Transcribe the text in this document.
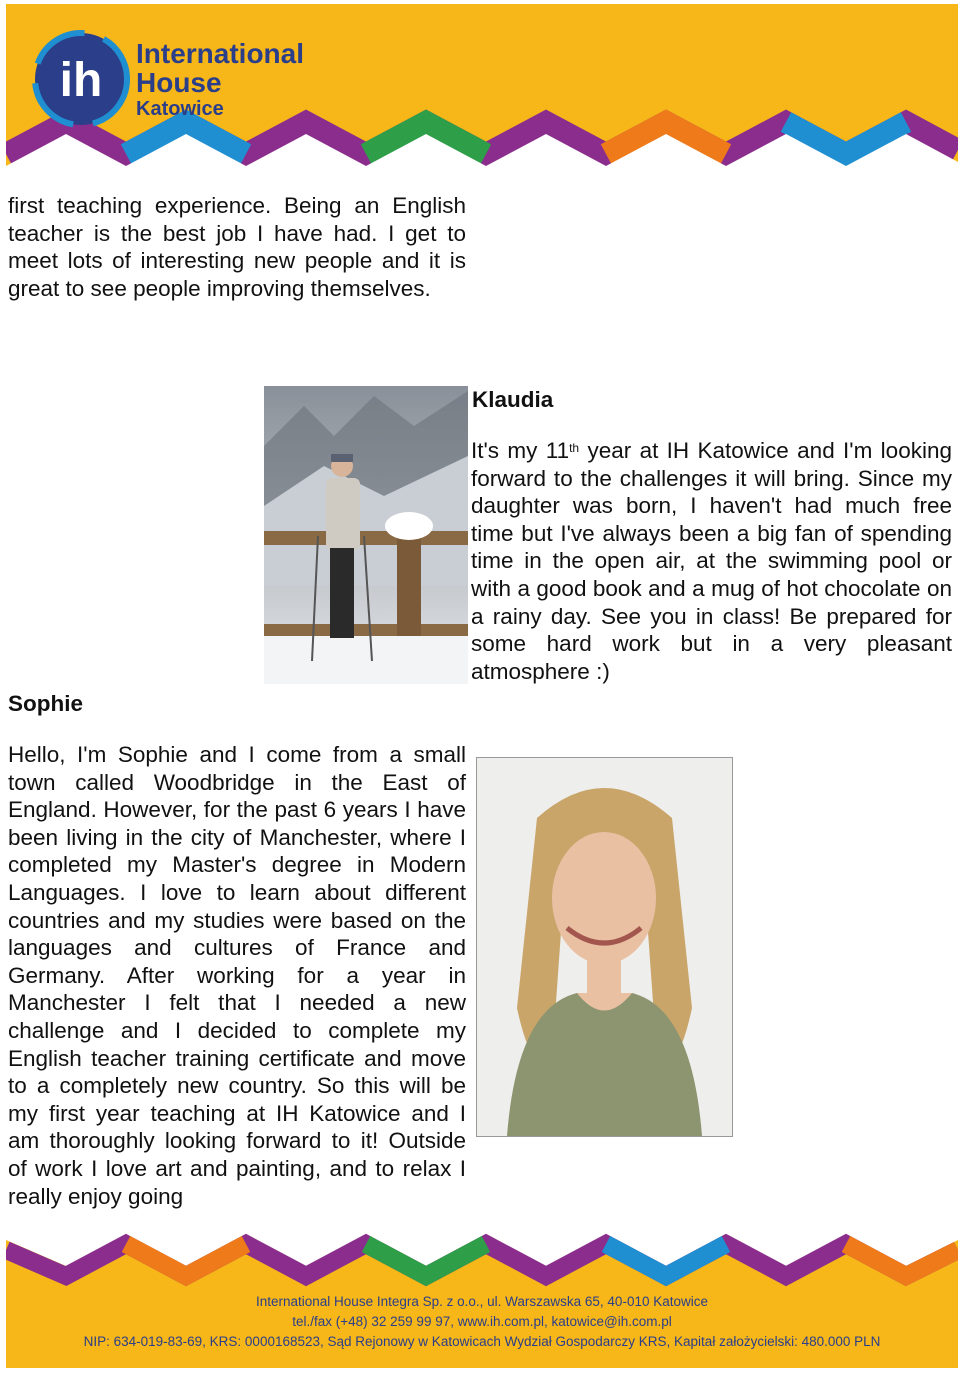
ih
International
House
Katowice

first teaching experience. Being an English teacher is the best job I have had. I get to meet lots of interesting new people and it is great to see people improving themselves.

Klaudia

It's my 11th year at IH Katowice and I'm looking forward to the challenges it will bring. Since my daughter was born, I haven't had much free time but I've always been a big fan of spending time in the open air, at the swimming pool or with a good book and a mug of hot chocolate on a rainy day. See you in class! Be prepared for some hard work but in a very pleasant atmosphere :)

Sophie

Hello, I'm Sophie and I come from a small town called Woodbridge in the East of England. However, for the past 6 years I have been living in the city of Manchester, where I completed my Master's degree in Modern Languages. I love to learn about different countries and my studies were based on the languages and cultures of France and Germany. After working for a year in Manchester I felt that I needed a new challenge and I decided to complete my English teacher training certificate and move to a completely new country. So this will be my first year teaching at IH Katowice and I am thoroughly looking forward to it! Outside of work I love art and painting, and to relax I really enjoy going

International House Integra Sp. z o.o., ul. Warszawska 65, 40-010 Katowice
tel./fax (+48) 32 259 99 97, www.ih.com.pl, katowice@ih.com.pl
NIP: 634-019-83-69, KRS: 0000168523, Sąd Rejonowy w Katowicach Wydział Gospodarczy KRS, Kapitał założycielski: 480.000 PLN
